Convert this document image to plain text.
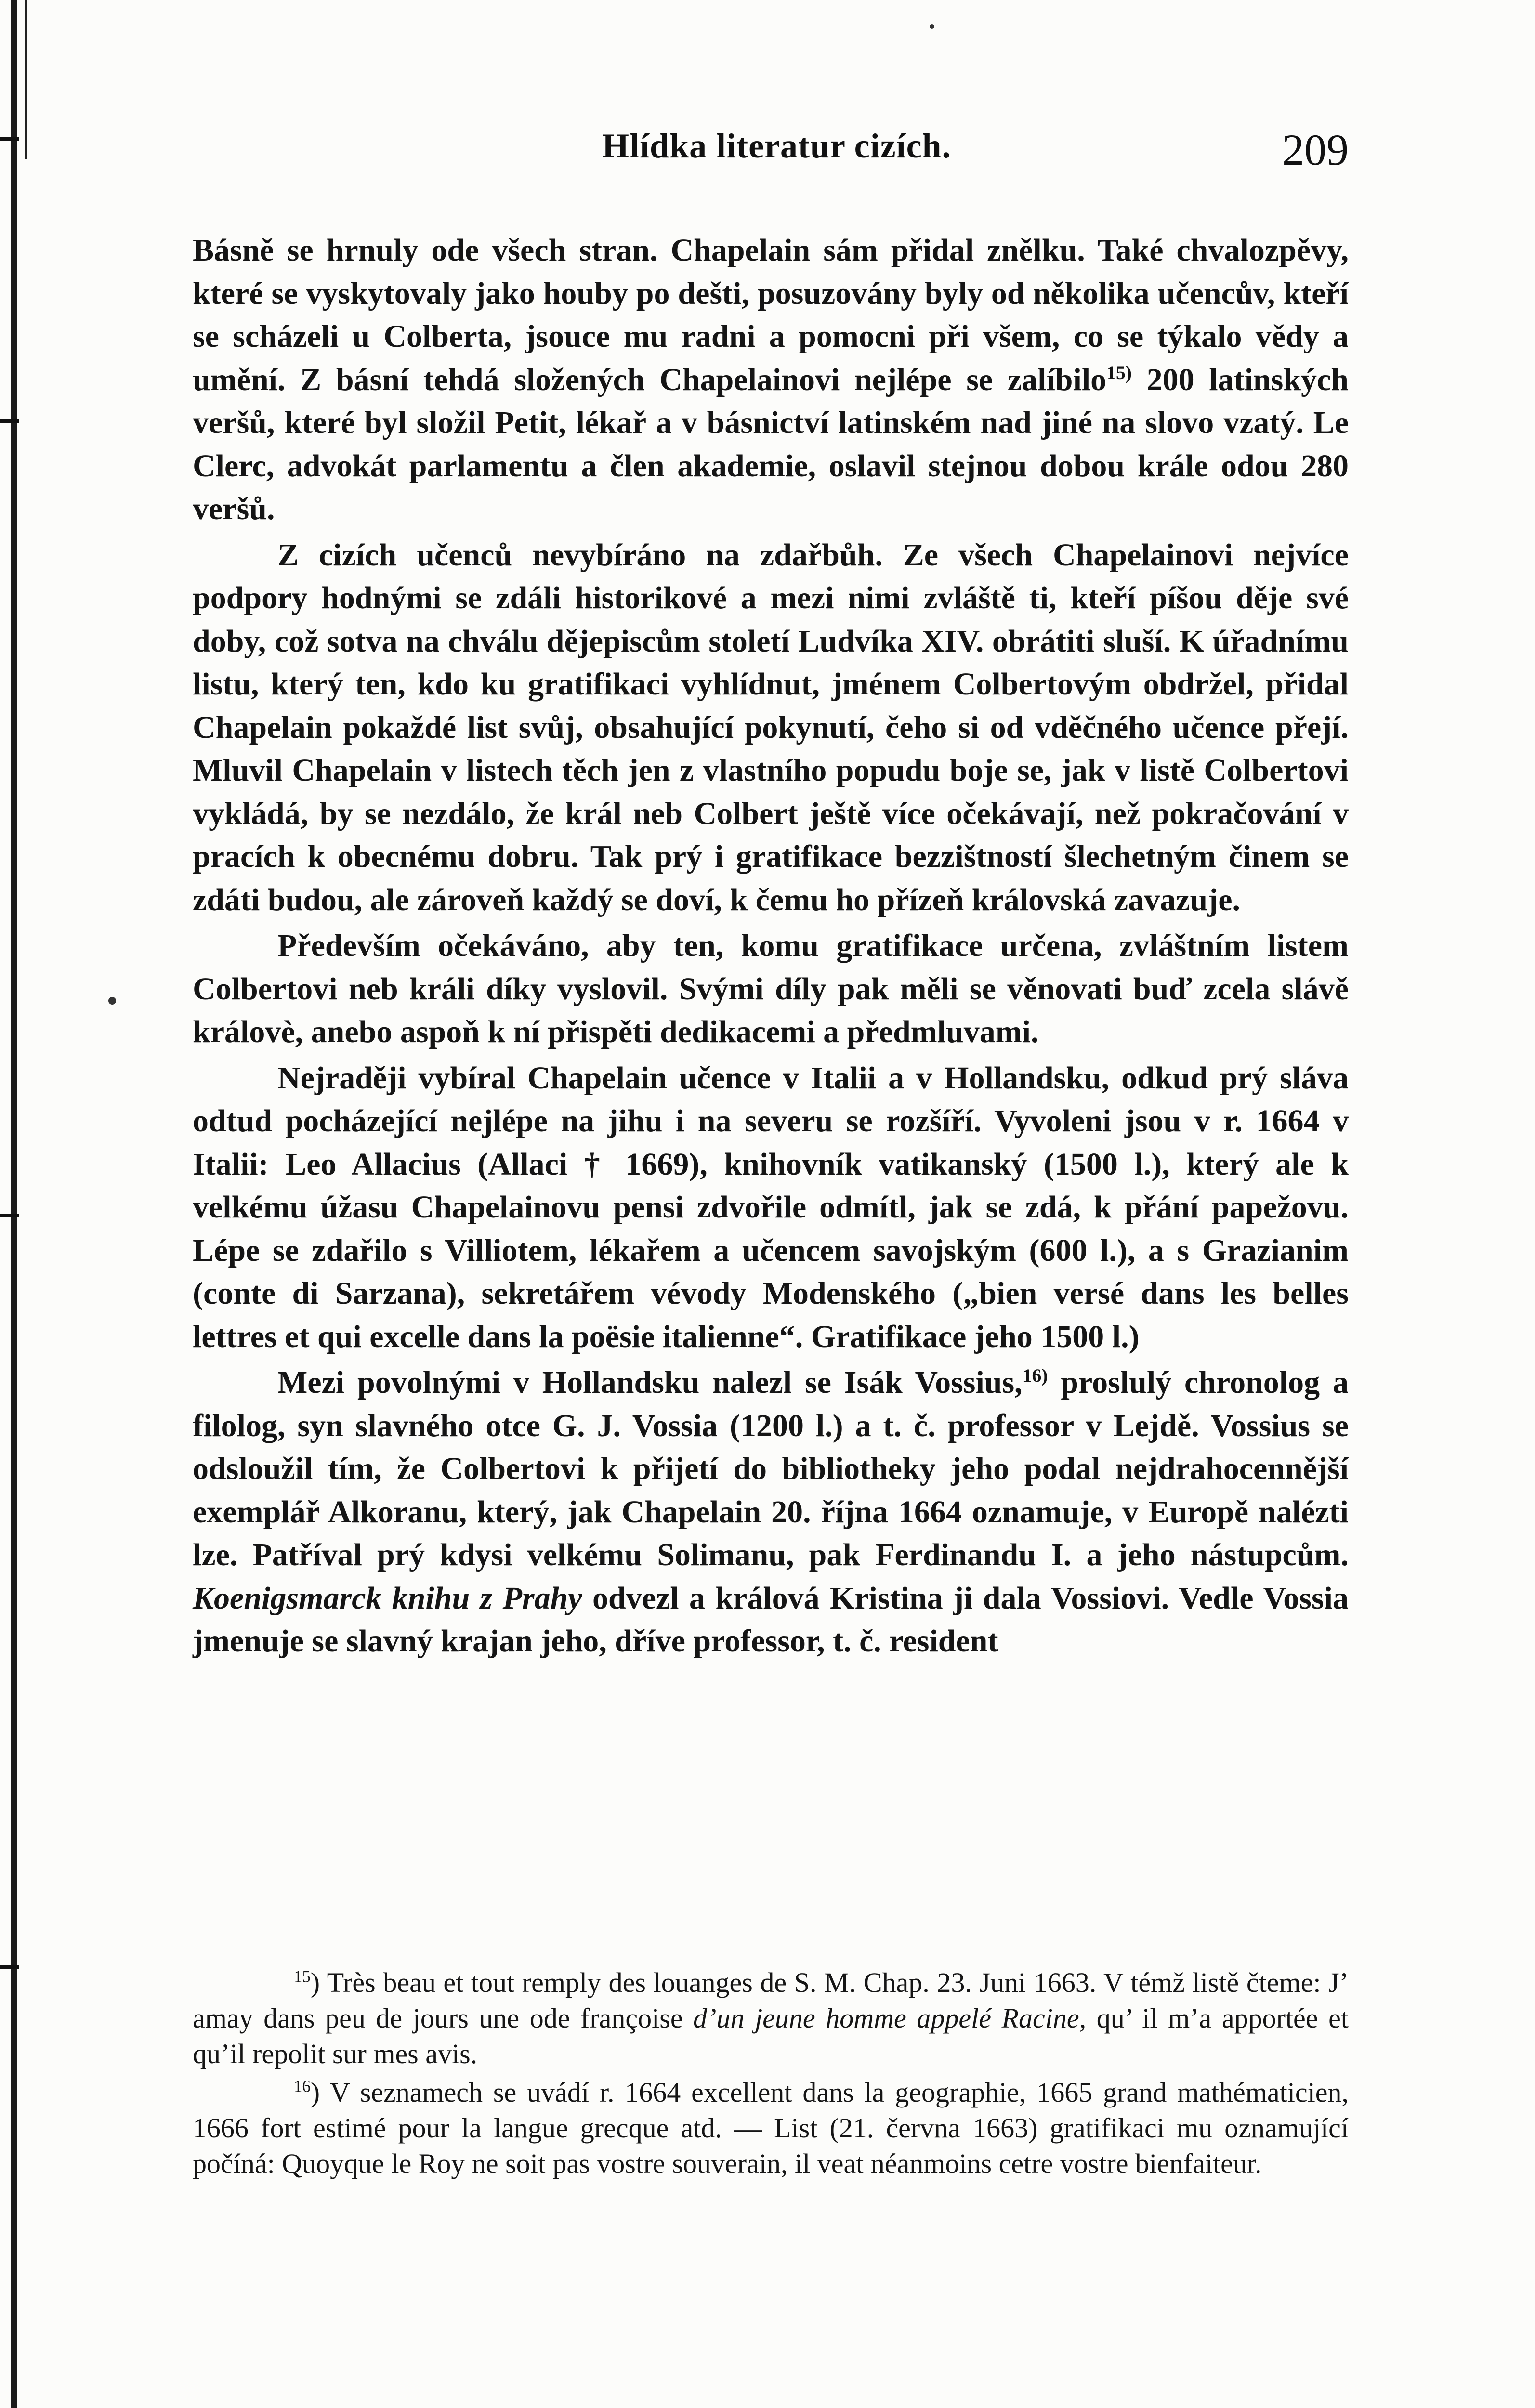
Hlídka literatur cizích.	209

Básně se hrnuly ode všech stran. Chapelain sám přidal znělku. Také chvalozpěvy, které se vyskytovaly jako houby po dešti, posuzovány byly od několika učencův, kteří se scházeli u Colberta, jsouce mu radni a pomocni při všem, co se týkalo vědy a umění. Z básní tehdá složených Chapelainovi nejlépe se zalíbilo$^{15)}$ 200 latinských veršů, které byl složil Petit, lékař a v básnictví latinském nad jiné na slovo vzatý. Le Clerc, advokát parlamentu a člen akademie, oslavil stejnou dobou krále odou 280 veršů.

Z cizích učenců nevybíráno na zdařbůh. Ze všech Chapelainovi nejvíce podpory hodnými se zdáli historikové a mezi nimi zvláště ti, kteří píšou děje své doby, což sotva na chválu dějepiscům století Ludvíka XIV. obrátiti sluší. K úřadnímu listu, který ten, kdo ku gratifikaci vyhlídnut, jménem Colbertovým obdržel, přidal Chapelain pokaždé list svůj, obsahující pokynutí, čeho si od vděčného učence přejí. Mluvil Chapelain v listech těch jen z vlastního popudu boje se, jak v listě Colbertovi vykládá, by se nezdálo, že král neb Colbert ještě více očekávají, než pokračování v pracích k obecnému dobru. Tak prý i gratifikace bezzištností šlechetným činem se zdáti budou, ale zároveň každý se doví, k čemu ho přízeň královská zavazuje.

Především očekáváno, aby ten, komu gratifikace určena, zvláštním listem Colbertovi neb králi díky vyslovil. Svými díly pak měli se věnovati buď zcela slávě královè, anebo aspoň k ní přispěti dedikacemi a předmluvami.

Nejraději vybíral Chapelain učence v Italii a v Hollandsku, odkud prý sláva odtud pocházející nejlépe na jihu i na severu se rozšíří. Vyvoleni jsou v r. 1664 v Italii: Leo Allacius (Allaci † 1669), knihovník vatikanský (1500 l.), který ale k velkému úžasu Chapelainovu pensi zdvořile odmítl, jak se zdá, k přání papežovu. Lépe se zdařilo s Villiotem, lékařem a učencem savojským (600 l.), a s Grazianim (conte di Sarzana), sekretářem vévody Modenského („bien versé dans les belles lettres et qui excelle dans la poësie italienne“. Gratifikace jeho 1500 l.)

Mezi povolnými v Hollandsku nalezl se Isák Vossius,$^{16)}$ proslulý chronolog a filolog, syn slavného otce G. J. Vossia (1200 l.) a t. č. professor v Lejdě. Vossius se odsloužil tím, že Colbertovi k přijetí do bibliotheky jeho podal nejdrahocennější exemplář Alkoranu, který, jak Chapelain 20. října 1664 oznamuje, v Europě nalézti lze. Patříval prý kdysi velkému Solimanu, pak Ferdinandu I. a jeho nástupcům. Koenigsmarck knihu z Prahy odvezl a králová Kristina ji dala Vossiovi. Vedle Vossia jmenuje se slavný krajan jeho, dříve professor, t. č. resident

$^{15}$) Très beau et tout remply des louanges de S. M. Chap. 23. Juni 1663. V témž listě čteme: J’ amay dans peu de jours une ode françoise d’un jeune homme appelé Racine, qu’ il m’a apportée et qu’il repolit sur mes avis.

$^{16}$) V seznamech se uvádí r. 1664 excellent dans la geographie, 1665 grand mathématicien, 1666 fort estimé pour la langue grecque atd. — List (21. června 1663) gratifikaci mu oznamující počíná: Quoyque le Roy ne soit pas vostre souverain, il veat néanmoins cetre vostre bienfaiteur.
